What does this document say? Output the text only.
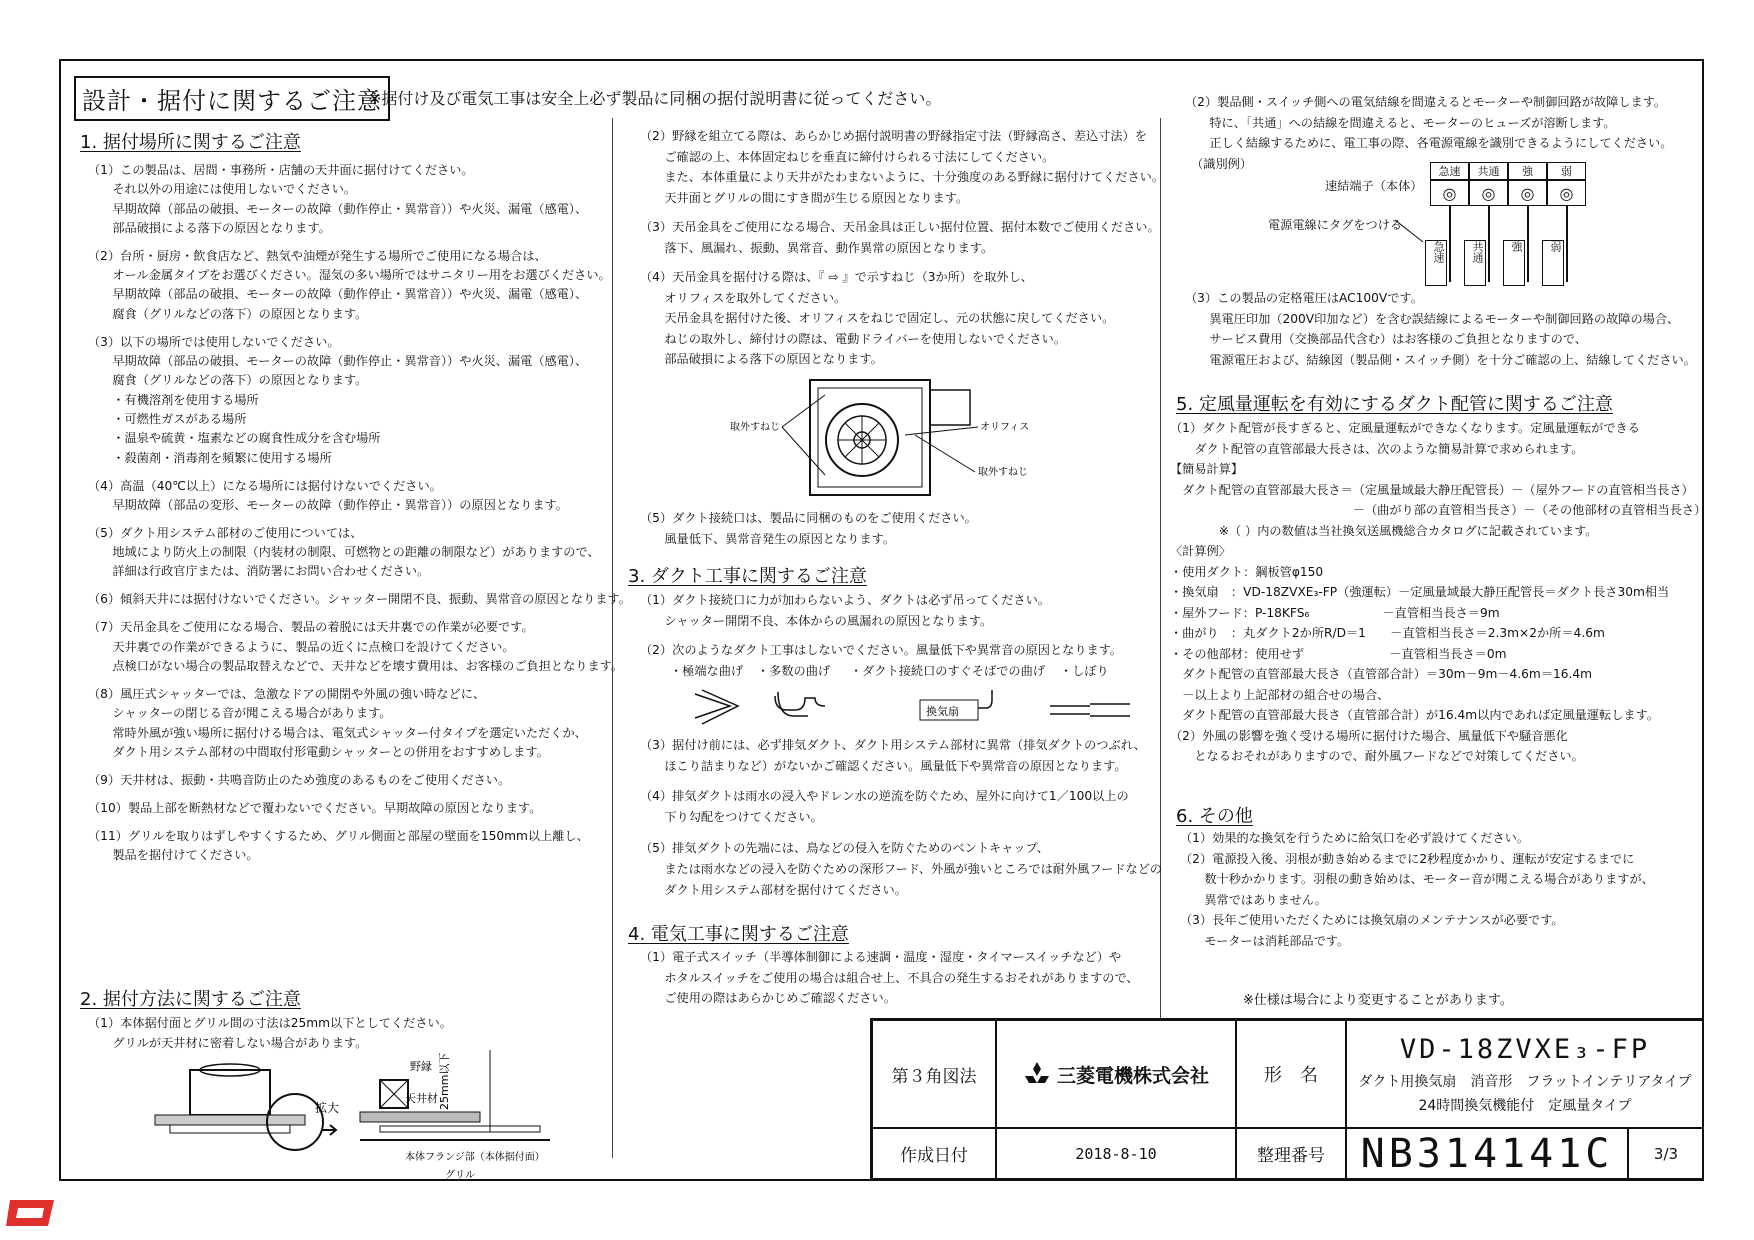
設計・据付に関するご注意
※据付け及び電気工事は安全上必ず製品に同梱の据付説明書に従ってください。
1. 据付場所に関するご注意
（1）この製品は、居間・事務所・店舗の天井面に据付けてください。
　　それ以外の用途には使用しないでください。
　　早期故障（部品の破損、モーターの故障（動作停止・異常音））や火災、漏電（感電）、
　　部品破損による落下の原因となります。
（2）台所・厨房・飲食店など、熱気や油煙が発生する場所でご使用になる場合は、
　　オール金属タイプをお選びください。湿気の多い場所ではサニタリー用をお選びください。
　　早期故障（部品の破損、モーターの故障（動作停止・異常音））や火災、漏電（感電）、
　　腐食（グリルなどの落下）の原因となります。
（3）以下の場所では使用しないでください。
　　早期故障（部品の破損、モーターの故障（動作停止・異常音））や火災、漏電（感電）、
　　腐食（グリルなどの落下）の原因となります。
　　・有機溶剤を使用する場所
　　・可燃性ガスがある場所
　　・温泉や硫黄・塩素などの腐食性成分を含む場所
　　・殺菌剤・消毒剤を頻繁に使用する場所
（4）高温（40℃以上）になる場所には据付けないでください。
　　早期故障（部品の変形、モーターの故障（動作停止・異常音））の原因となります。
（5）ダクト用システム部材のご使用については、
　　地域により防火上の制限（内装材の制限、可燃物との距離の制限など）がありますので、
　　詳細は行政官庁または、消防署にお問い合わせください。
（6）傾斜天井には据付けないでください。シャッター開閉不良、振動、異常音の原因となります。
（7）天吊金具をご使用になる場合、製品の着脱には天井裏での作業が必要です。
　　天井裏での作業ができるように、製品の近くに点検口を設けてください。
　　点検口がない場合の製品取替えなどで、天井などを壊す費用は、お客様のご負担となります。
（8）風圧式シャッターでは、急激なドアの開閉や外風の強い時などに、
　　シャッターの閉じる音が聞こえる場合があります。
　　常時外風が強い場所に据付ける場合は、電気式シャッター付タイプを選定いただくか、
　　ダクト用システム部材の中間取付形電動シャッターとの併用をおすすめします。
（9）天井材は、振動・共鳴音防止のため強度のあるものをご使用ください。
（10）製品上部を断熱材などで覆わないでください。早期故障の原因となります。
（11）グリルを取りはずしやすくするため、グリル側面と部屋の壁面を150mm以上離し、
　　製品を据付けてください。
2. 据付方法に関するご注意
（1）本体据付面とグリル間の寸法は25mm以下としてください。
　　グリルが天井材に密着しない場合があります。
拡大
野縁
天井材 25mm以下
本体フランジ部（本体据付面）
グリル
（2）野縁を組立てる際は、あらかじめ据付説明書の野縁指定寸法（野縁高さ、差込寸法）を
　　ご確認の上、本体固定ねじを垂直に締付けられる寸法にしてください。
　　また、本体重量により天井がたわまないように、十分強度のある野縁に据付けてください。
　　天井面とグリルの間にすき間が生じる原因となります。
（3）天吊金具をご使用になる場合、天吊金具は正しい据付位置、据付本数でご使用ください。
　　落下、風漏れ、振動、異常音、動作異常の原因となります。
（4）天吊金具を据付ける際は、『 ⇨ 』で示すねじ（3か所）を取外し、
　　オリフィスを取外してください。
　　天吊金具を据付けた後、オリフィスをねじで固定し、元の状態に戻してください。
　　ねじの取外し、締付けの際は、電動ドライバーを使用しないでください。
　　部品破損による落下の原因となります。
取外すねじ	オリフィス
取外すねじ
（5）ダクト接続口は、製品に同梱のものをご使用ください。
　　風量低下、異常音発生の原因となります。
3. ダクト工事に関するご注意
（1）ダクト接続口に力が加わらないよう、ダクトは必ず吊ってください。
　　シャッター開閉不良、本体からの風漏れの原因となります。
（2）次のようなダクト工事はしないでください。風量低下や異常音の原因となります。
・極端な曲げ ・多数の曲げ ・ダクト接続口のすぐそばでの曲げ ・しぼり
換気扇
（3）据付け前には、必ず排気ダクト、ダクト用システム部材に異常（排気ダクトのつぶれ、
　　ほこり詰まりなど）がないかご確認ください。風量低下や異常音の原因となります。
（4）排気ダクトは雨水の浸入やドレン水の逆流を防ぐため、屋外に向けて1／100以上の
　　下り勾配をつけてください。
（5）排気ダクトの先端には、鳥などの侵入を防ぐためのベントキャップ、
　　または雨水などの浸入を防ぐための深形フード、外風が強いところでは耐外風フードなどの
　　ダクト用システム部材を据付けてください。
4. 電気工事に関するご注意
（1）電子式スイッチ（半導体制御による速調・温度・湿度・タイマースイッチなど）や
　　ホタルスイッチをご使用の場合は組合せ上、不具合の発生するおそれがありますので、
　　ご使用の際はあらかじめご確認ください。
（2）製品側・スイッチ側への電気結線を間違えるとモーターや制御回路が故障します。
　　特に、「共通」への結線を間違えると、モーターのヒューズが溶断します。
　　正しく結線するために、電工事の際、各電源電線を識別できるようにしてください。
　（識別例）
速結端子（本体）
急速	共通	強	弱
◎	◎	◎	◎
電源電線にタグをつける
急速	共通	強	弱
（3）この製品の定格電圧はAC100Vです。
　　異電圧印加（200V印加など）を含む誤結線によるモーターや制御回路の故障の場合、
　　サービス費用（交換部品代含む）はお客様のご負担となりますので、
　　電源電圧および、結線図（製品側・スイッチ側）を十分ご確認の上、結線してください。
5. 定風量運転を有効にするダクト配管に関するご注意
（1）ダクト配管が長すぎると、定風量運転ができなくなります。定風量運転ができる
　　ダクト配管の直管部最大長さは、次のような簡易計算で求められます。
【簡易計算】
　ダクト配管の直管部最大長さ＝（定風量域最大静圧配管長）－（屋外フードの直管相当長さ）
　　　　　　　　　　　　　　　－（曲がり部の直管相当長さ）－（その他部材の直管相当長さ）
　　　　※（ ）内の数値は当社換気送風機総合カタログに記載されています。
〈計算例〉
・使用ダクト：鋼板管φ150
・換気扇　：VD-18ZVXE₃-FP（強運転）－定風量域最大静圧配管長＝ダクト長さ30m相当
・屋外フード：P-18KFS₆　　　　　　－直管相当長さ＝9m
・曲がり　：丸ダクト2か所R/D＝1　　－直管相当長さ＝2.3m×2か所＝4.6m
・その他部材：使用せず　　　　　　　－直管相当長さ＝0m
　ダクト配管の直管部最大長さ（直管部合計）＝30m－9m－4.6m＝16.4m
　－以上より上記部材の組合せの場合、
　ダクト配管の直管部最大長さ（直管部合計）が16.4m以内であれば定風量運転します。
（2）外風の影響を強く受ける場所に据付けた場合、風量低下や騒音悪化
　　となるおそれがありますので、耐外風フードなどで対策してください。
6. その他
（1）効果的な換気を行うために給気口を必ず設けてください。
（2）電源投入後、羽根が動き始めるまでに2秒程度かかり、運転が安定するまでに
　　数十秒かかります。羽根の動き始めは、モーター音が聞こえる場合がありますが、
　　異常ではありません。
（3）長年ご使用いただくためには換気扇のメンテナンスが必要です。
　　モーターは消耗部品です。
※仕様は場合により変更することがあります。
第３角図法	三菱電機株式会社	形　名
VD-18ZVXE₃-FP
ダクト用換気扇　消音形　フラットインテリアタイプ
24時間換気機能付　定風量タイプ
作成日付	2018-8-10	整理番号 NB314141C	3/3
